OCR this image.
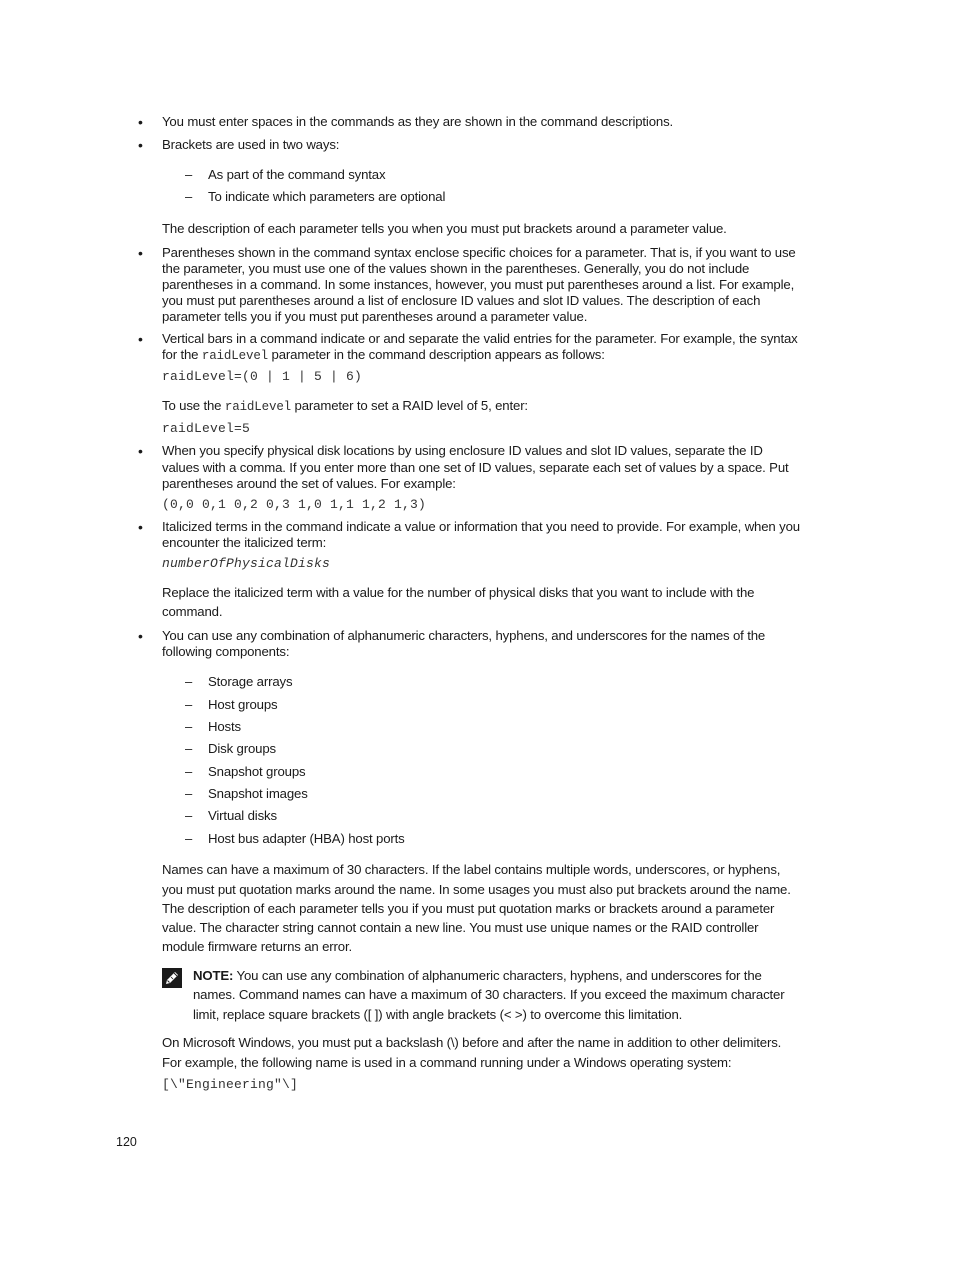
• You must enter spaces in the commands as they are shown in the command descriptions.
• Brackets are used in two ways:
– As part of the command syntax
– To indicate which parameters are optional
The description of each parameter tells you when you must put brackets around a parameter value.
• Parentheses shown in the command syntax enclose specific choices for a parameter. That is, if you want to use
the parameter, you must use one of the values shown in the parentheses. Generally, you do not include
parentheses in a command. In some instances, however, you must put parentheses around a list. For example,
you must put parentheses around a list of enclosure ID values and slot ID values. The description of each
parameter tells you if you must put parentheses around a parameter value.
• Vertical bars in a command indicate or and separate the valid entries for the parameter. For example, the syntax
for the raidLevel parameter in the command description appears as follows:
raidLevel=(0 | 1 | 5 | 6)
To use the raidLevel parameter to set a RAID level of 5, enter:
raidLevel=5
• When you specify physical disk locations by using enclosure ID values and slot ID values, separate the ID
values with a comma. If you enter more than one set of ID values, separate each set of values by a space. Put
parentheses around the set of values. For example:
(0,0 0,1 0,2 0,3 1,0 1,1 1,2 1,3)
• Italicized terms in the command indicate a value or information that you need to provide. For example, when you
encounter the italicized term:
numberOfPhysicalDisks
Replace the italicized term with a value for the number of physical disks that you want to include with the
command.
• You can use any combination of alphanumeric characters, hyphens, and underscores for the names of the
following components:
– Storage arrays
– Host groups
– Hosts
– Disk groups
– Snapshot groups
– Snapshot images
– Virtual disks
– Host bus adapter (HBA) host ports
Names can have a maximum of 30 characters. If the label contains multiple words, underscores, or hyphens,
you must put quotation marks around the name. In some usages you must also put brackets around the name.
The description of each parameter tells you if you must put quotation marks or brackets around a parameter
value. The character string cannot contain a new line. You must use unique names or the RAID controller
module firmware returns an error.
NOTE: You can use any combination of alphanumeric characters, hyphens, and underscores for the
names. Command names can have a maximum of 30 characters. If you exceed the maximum character
limit, replace square brackets ([ ]) with angle brackets (< >) to overcome this limitation.
On Microsoft Windows, you must put a backslash (\) before and after the name in addition to other delimiters.
For example, the following name is used in a command running under a Windows operating system:
[\"Engineering"\]
120
